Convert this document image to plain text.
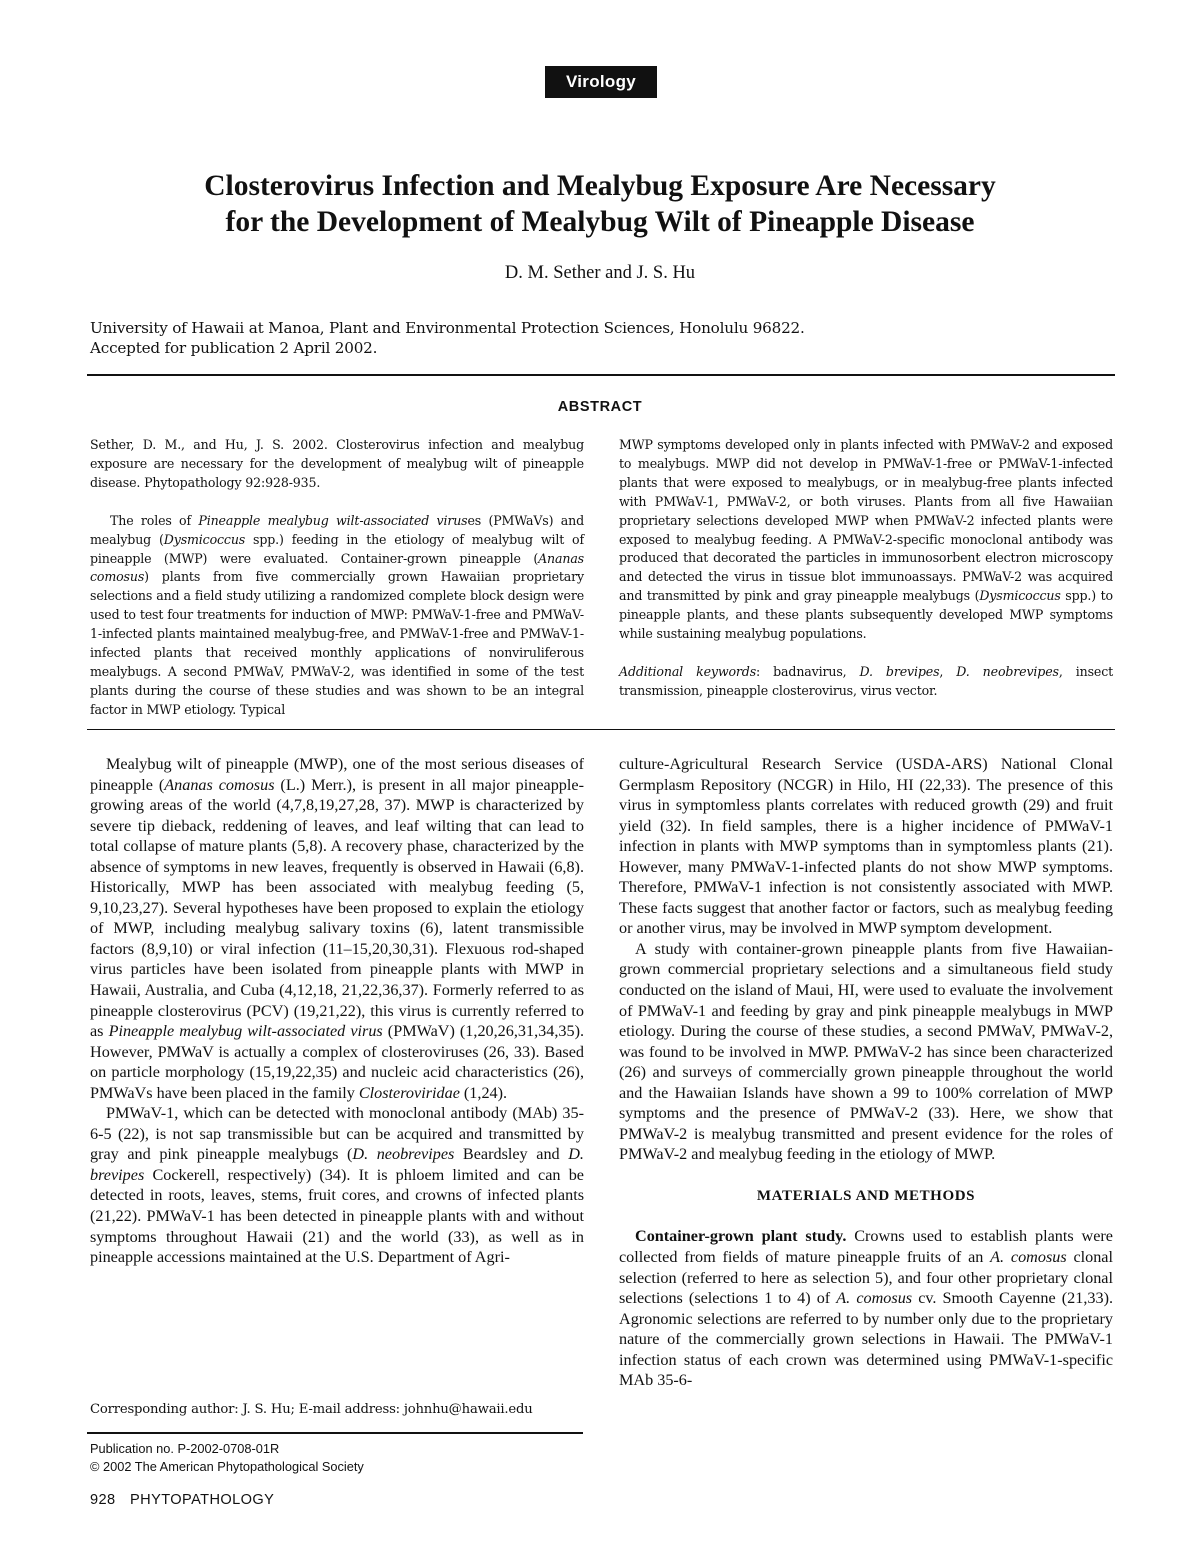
Virology
Closterovirus Infection and Mealybug Exposure Are Necessary
for the Development of Mealybug Wilt of Pineapple Disease
D. M. Sether and J. S. Hu
University of Hawaii at Manoa, Plant and Environmental Protection Sciences, Honolulu 96822.
Accepted for publication 2 April 2002.
ABSTRACT

Sether, D. M., and Hu, J. S. 2002. Closterovirus infection and mealybug exposure are necessary for the development of mealybug wilt of pineapple disease. Phytopathology 92:928-935.

The roles of Pineapple mealybug wilt-associated viruses (PMWaVs) and mealybug (Dysmicoccus spp.) feeding in the etiology of mealybug wilt of pineapple (MWP) were evaluated. Container-grown pineapple (Ananas comosus) plants from five commercially grown Hawaiian proprietary selections and a field study utilizing a randomized complete block design were used to test four treatments for induction of MWP: PMWaV-1-free and PMWaV-1-infected plants maintained mealybug-free, and PMWaV-1-free and PMWaV-1-infected plants that received monthly applications of nonviruliferous mealybugs. A second PMWaV, PMWaV-2, was identified in some of the test plants during the course of these studies and was shown to be an integral factor in MWP etiology. Typical

MWP symptoms developed only in plants infected with PMWaV-2 and exposed to mealybugs. MWP did not develop in PMWaV-1-free or PMWaV-1-infected plants that were exposed to mealybugs, or in mealybug-free plants infected with PMWaV-1, PMWaV-2, or both viruses. Plants from all five Hawaiian proprietary selections developed MWP when PMWaV-2 infected plants were exposed to mealybug feeding. A PMWaV-2-specific monoclonal antibody was produced that decorated the particles in immunosorbent electron microscopy and detected the virus in tissue blot immunoassays. PMWaV-2 was acquired and transmitted by pink and gray pineapple mealybugs (Dysmicoccus spp.) to pineapple plants, and these plants subsequently developed MWP symptoms while sustaining mealybug populations.

Additional keywords: badnavirus, D. brevipes, D. neobrevipes, insect transmission, pineapple closterovirus, virus vector.

Mealybug wilt of pineapple (MWP), one of the most serious diseases of pineapple (Ananas comosus (L.) Merr.), is present in all major pineapple-growing areas of the world (4,7,8,19,27,28, 37). MWP is characterized by severe tip dieback, reddening of leaves, and leaf wilting that can lead to total collapse of mature plants (5,8). A recovery phase, characterized by the absence of symptoms in new leaves, frequently is observed in Hawaii (6,8). Historically, MWP has been associated with mealybug feeding (5, 9,10,23,27). Several hypotheses have been proposed to explain the etiology of MWP, including mealybug salivary toxins (6), latent transmissible factors (8,9,10) or viral infection (11–15,20,30,31). Flexuous rod-shaped virus particles have been isolated from pineapple plants with MWP in Hawaii, Australia, and Cuba (4,12,18, 21,22,36,37). Formerly referred to as pineapple closterovirus (PCV) (19,21,22), this virus is currently referred to as Pineapple mealybug wilt-associated virus (PMWaV) (1,20,26,31,34,35). However, PMWaV is actually a complex of closteroviruses (26, 33). Based on particle morphology (15,19,22,35) and nucleic acid characteristics (26), PMWaVs have been placed in the family Closteroviridae (1,24).

PMWaV-1, which can be detected with monoclonal antibody (MAb) 35-6-5 (22), is not sap transmissible but can be acquired and transmitted by gray and pink pineapple mealybugs (D. neobrevipes Beardsley and D. brevipes Cockerell, respectively) (34). It is phloem limited and can be detected in roots, leaves, stems, fruit cores, and crowns of infected plants (21,22). PMWaV-1 has been detected in pineapple plants with and without symptoms throughout Hawaii (21) and the world (33), as well as in pineapple accessions maintained at the U.S. Department of Agri-

culture-Agricultural Research Service (USDA-ARS) National Clonal Germplasm Repository (NCGR) in Hilo, HI (22,33). The presence of this virus in symptomless plants correlates with reduced growth (29) and fruit yield (32). In field samples, there is a higher incidence of PMWaV-1 infection in plants with MWP symptoms than in symptomless plants (21). However, many PMWaV-1-infected plants do not show MWP symptoms. Therefore, PMWaV-1 infection is not consistently associated with MWP. These facts suggest that another factor or factors, such as mealybug feeding or another virus, may be involved in MWP symptom development.

A study with container-grown pineapple plants from five Hawaiian-grown commercial proprietary selections and a simultaneous field study conducted on the island of Maui, HI, were used to evaluate the involvement of PMWaV-1 and feeding by gray and pink pineapple mealybugs in MWP etiology. During the course of these studies, a second PMWaV, PMWaV-2, was found to be involved in MWP. PMWaV-2 has since been characterized (26) and surveys of commercially grown pineapple throughout the world and the Hawaiian Islands have shown a 99 to 100% correlation of MWP symptoms and the presence of PMWaV-2 (33). Here, we show that PMWaV-2 is mealybug transmitted and present evidence for the roles of PMWaV-2 and mealybug feeding in the etiology of MWP.

MATERIALS AND METHODS

Container-grown plant study. Crowns used to establish plants were collected from fields of mature pineapple fruits of an A. comosus clonal selection (referred to here as selection 5), and four other proprietary clonal selections (selections 1 to 4) of A. comosus cv. Smooth Cayenne (21,33). Agronomic selections are referred to by number only due to the proprietary nature of the commercially grown selections in Hawaii. The PMWaV-1 infection status of each crown was determined using PMWaV-1-specific MAb 35-6-

Corresponding author: J. S. Hu; E-mail address: johnhu@hawaii.edu
Publication no. P-2002-0708-01R
© 2002 The American Phytopathological Society
928 PHYTOPATHOLOGY
